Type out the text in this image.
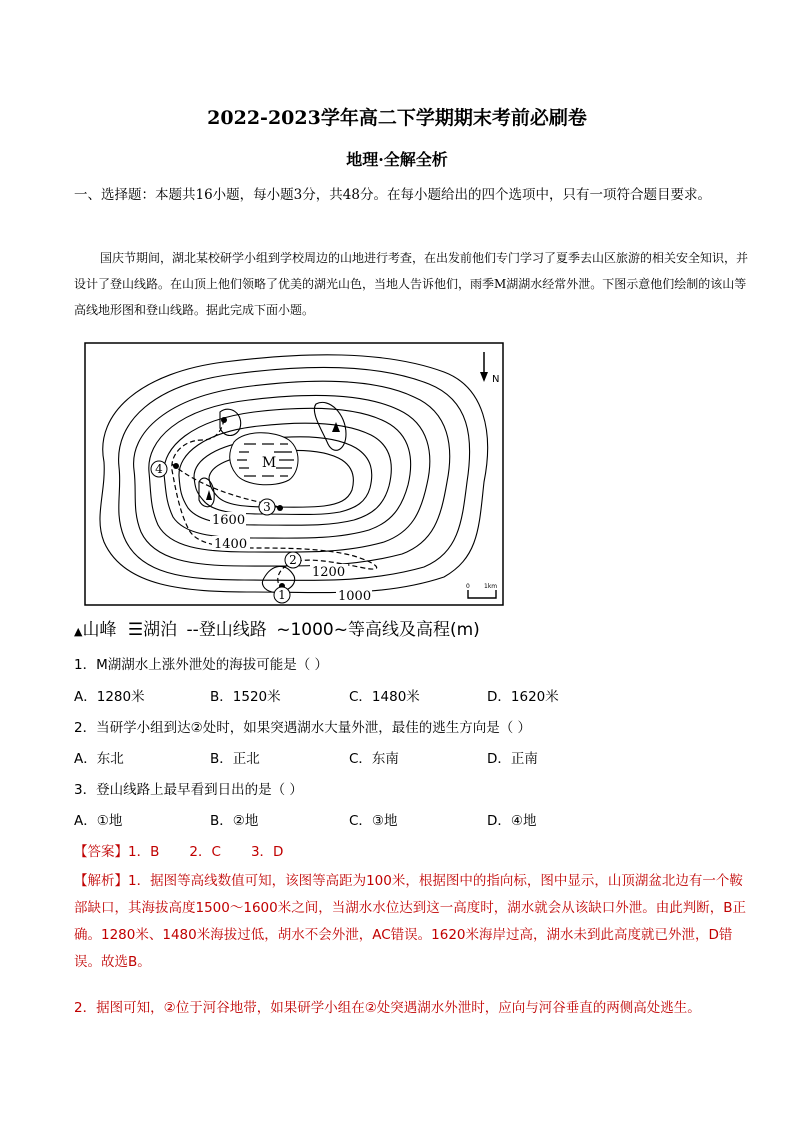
2022-2023学年高二下学期期末考前必刷卷
地理·全解全析
一、选择题：本题共16小题，每小题3分，共48分。在每小题给出的四个选项中，只有一项符合题目要求。
国庆节期间，湖北某校研学小组到学校周边的山地进行考查，在出发前他们专门学习了夏季去山区旅游的相关安全知识，并设计了登山线路。在山顶上他们领略了优美的湖光山色，当地人告诉他们，雨季M湖湖水经常外泄。下图示意他们绘制的该山等高线地形图和登山线路。据此完成下面小题。
M
1
2
3
4
1600
1400
1200
1000
N
0 1km
▲山峰 ☰湖泊 --登山线路 ~1000~等高线及高程(m)
1．M湖湖水上涨外泄处的海拔可能是（ ）
A．1280米	B．1520米	C．1480米	D．1620米
2．当研学小组到达②处时，如果突遇湖水大量外泄，最佳的逃生方向是（ ）
A．东北	B．正北	C．东南	D．正南
3．登山线路上最早看到日出的是（ ）
A．①地	B．②地	C．③地	D．④地
【答案】1．B       2．C       3．D
【解析】1．据图等高线数值可知，该图等高距为100米，根据图中的指向标，图中显示，山顶湖盆北边有一个鞍部缺口，其海拔高度1500～1600米之间，当湖水水位达到这一高度时，湖水就会从该缺口外泄。由此判断，B正确。1280米、1480米海拔过低，胡水不会外泄，AC错误。1620米海岸过高，湖水未到此高度就已外泄，D错误。故选B。
2．据图可知，②位于河谷地带，如果研学小组在②处突遇湖水外泄时，应向与河谷垂直的两侧高处逃生。
